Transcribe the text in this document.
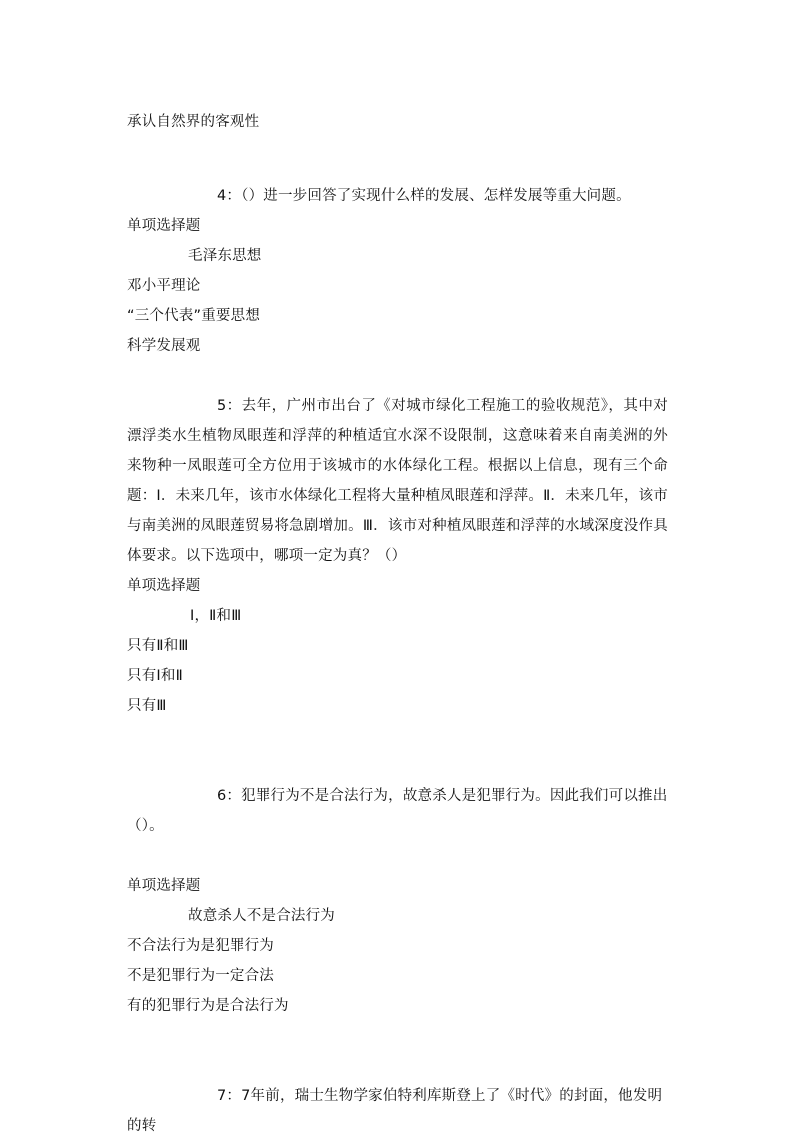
承认自然界的客观性

4：（）进一步回答了实现什么样的发展、怎样发展等重大问题。

单项选择题

毛泽东思想

邓小平理论

“三个代表”重要思想

科学发展观

5：去年，广州市出台了《对城市绿化工程施工的验收规范》，其中对漂浮类水生植物凤眼莲和浮萍的种植适宜水深不设限制，这意味着来自南美洲的外来物种一凤眼莲可全方位用于该城市的水体绿化工程。根据以上信息，现有三个命题：Ⅰ．未来几年，该市水体绿化工程将大量种植凤眼莲和浮萍。Ⅱ．未来几年，该市与南美洲的凤眼莲贸易将急剧增加。Ⅲ．该市对种植凤眼莲和浮萍的水域深度没作具体要求。以下选项中，哪项一定为真？（）

单项选择题

Ⅰ，Ⅱ和Ⅲ

只有Ⅱ和Ⅲ

只有Ⅰ和Ⅱ

只有Ⅲ

6：犯罪行为不是合法行为，故意杀人是犯罪行为。因此我们可以推出（）。

单项选择题

故意杀人不是合法行为

不合法行为是犯罪行为

不是犯罪行为一定合法

有的犯罪行为是合法行为

7：7年前，瑞士生物学家伯特利库斯登上了《时代》的封面，他发明的转
